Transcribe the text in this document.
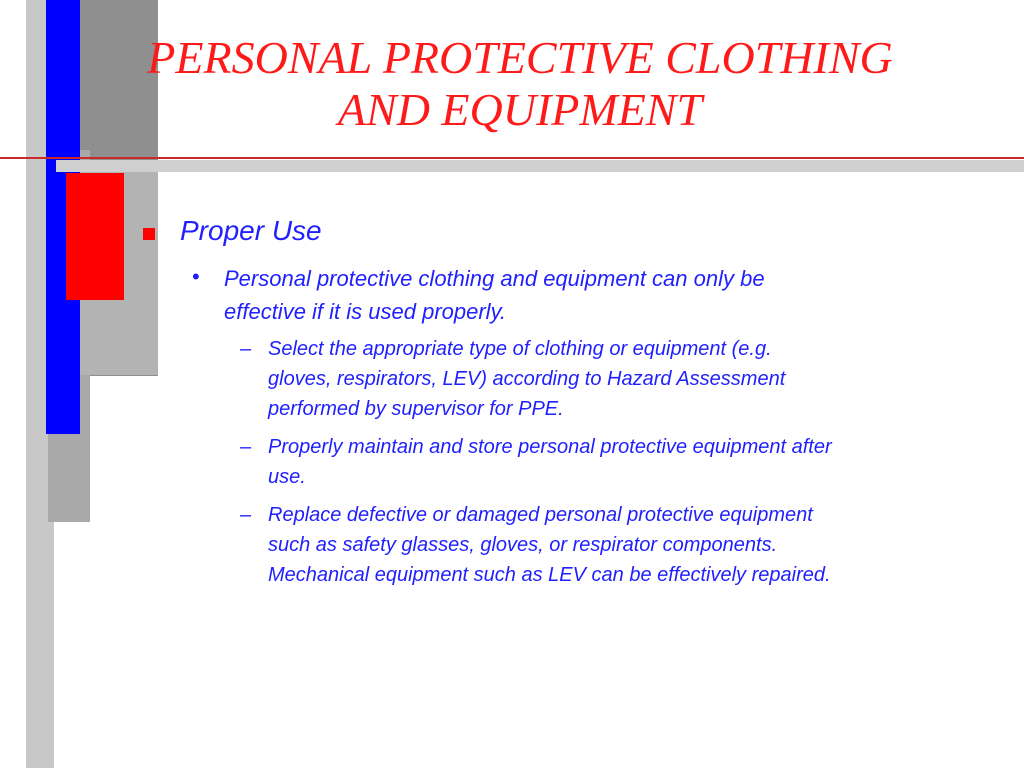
PERSONAL PROTECTIVE CLOTHING
AND EQUIPMENT
Proper Use
• Personal protective clothing and equipment can only be
effective if it is used properly.
– Select the appropriate type of clothing or equipment (e.g.
gloves, respirators, LEV) according to Hazard Assessment
performed by supervisor for PPE.
– Properly maintain and store personal protective equipment after
use.
– Replace defective or damaged personal protective equipment
such as safety glasses, gloves, or respirator components.
Mechanical equipment such as LEV can be effectively repaired.
